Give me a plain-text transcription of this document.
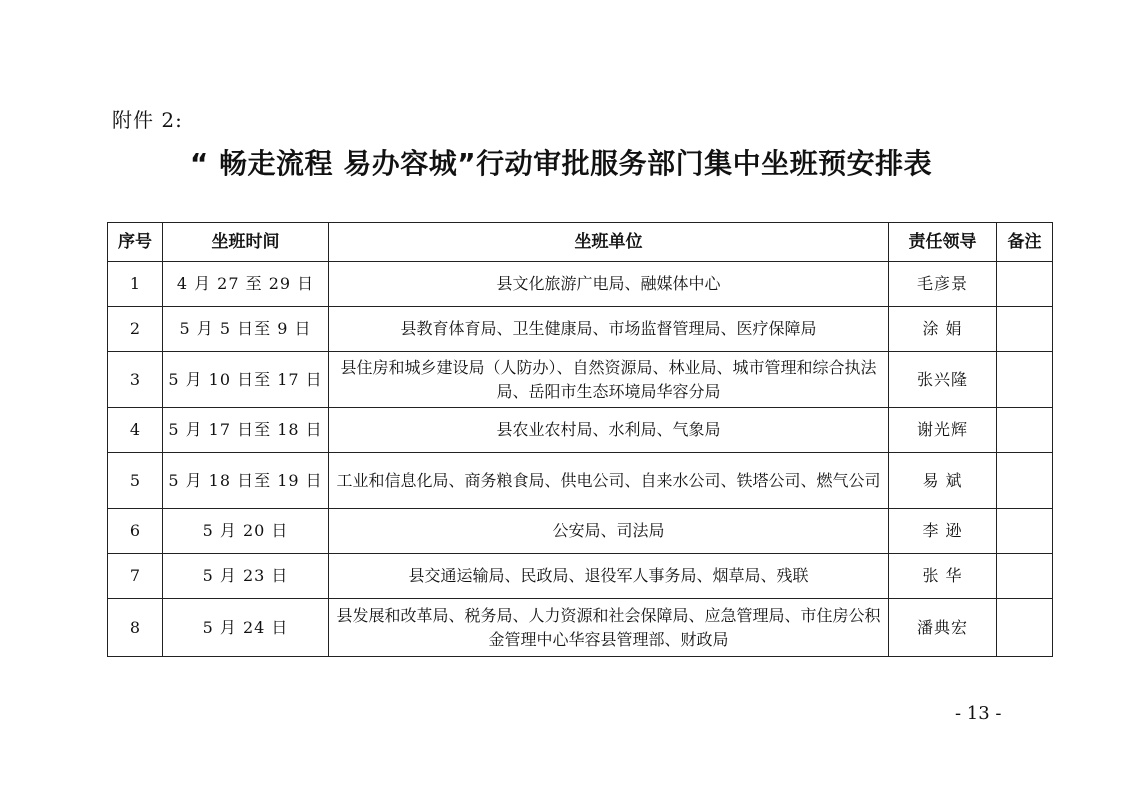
附件 2:
“ 畅走流程 易办容城”行动审批服务部门集中坐班预安排表
序号	坐班时间	坐班单位	责任领导	备注
1	4 月 27 至 29 日	县文化旅游广电局、融媒体中心	毛彦景	
2	5 月 5 日至 9 日	县教育体育局、卫生健康局、市场监督管理局、医疗保障局	涂 娟	
3	5 月 10 日至 17 日	县住房和城乡建设局（人防办）、自然资源局、林业局、城市管理和综合执法局、岳阳市生态环境局华容分局	张兴隆	
4	5 月 17 日至 18 日	县农业农村局、水利局、气象局	谢光辉	
5	5 月 18 日至 19 日	工业和信息化局、商务粮食局、供电公司、自来水公司、铁塔公司、燃气公司	易 斌	
6	5 月 20 日	公安局、司法局	李 逊	
7	5 月 23 日	县交通运输局、民政局、退役军人事务局、烟草局、残联	张 华	
8	5 月 24 日	县发展和改革局、税务局、人力资源和社会保障局、应急管理局、市住房公积金管理中心华容县管理部、财政局	潘典宏	
- 13 -
